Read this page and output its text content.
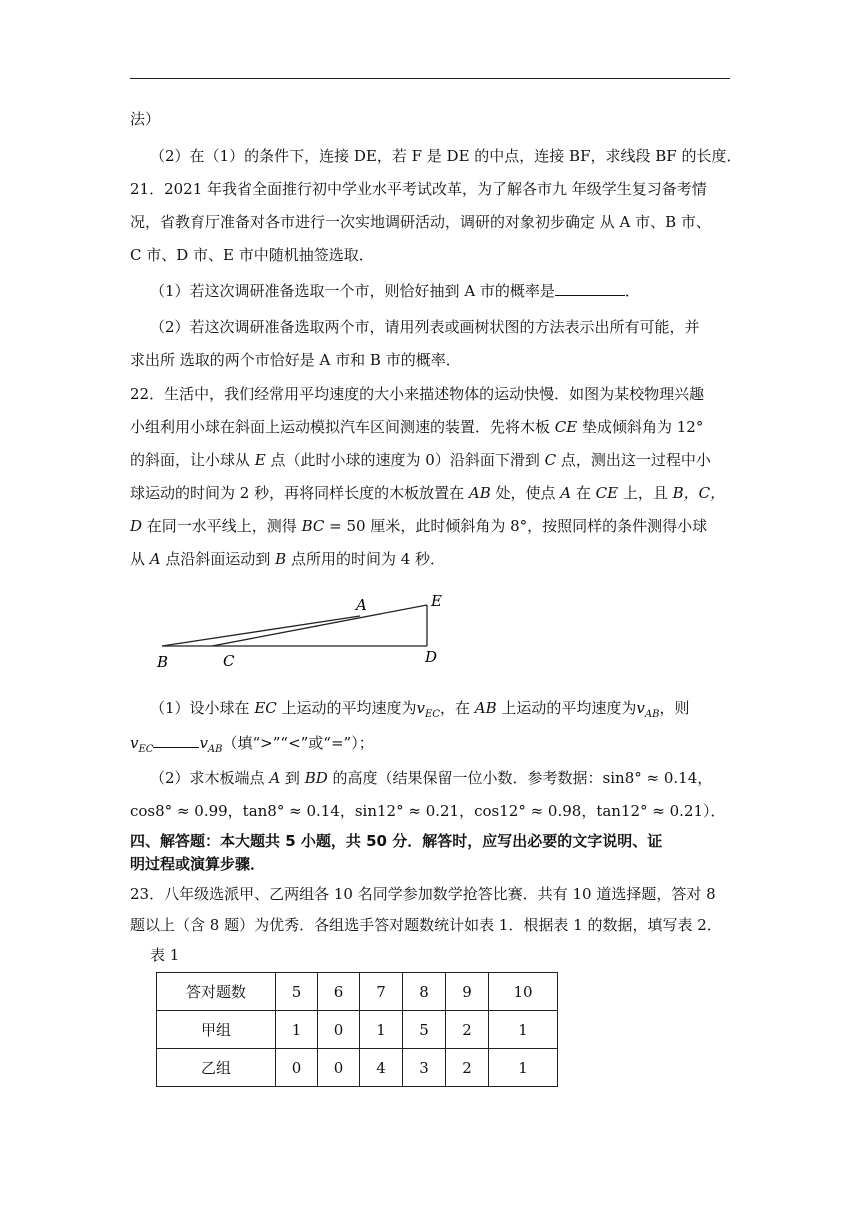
法）
（2）在（1）的条件下，连接 DE，若 F 是 DE 的中点，连接 BF，求线段 BF 的长度．
21．2021 年我省全面推行初中学业水平考试改革，为了解各市九 年级学生复习备考情
况，省教育厅准备对各市进行一次实地调研活动，调研的对象初步确定 从 A 市、B 市、
C 市、D 市、E 市中随机抽签选取．
（1）若这次调研准备选取一个市，则恰好抽到 A 市的概率是	．
（2）若这次调研准备选取两个市，请用列表或画树状图的方法表示出所有可能，并
求出所 选取的两个市恰好是 A 市和 B 市的概率．
22．生活中，我们经常用平均速度的大小来描述物体的运动快慢．如图为某校物理兴趣
小组利用小球在斜面上运动模拟汽车区间测速的装置．先将木板 CE 垫成倾斜角为 12°
的斜面，让小球从 E 点（此时小球的速度为 0）沿斜面下滑到 C 点，测出这一过程中小
球运动的时间为 2 秒，再将同样长度的木板放置在 AB 处，使点 A 在 CE 上，且 B，C，
D 在同一水平线上，测得 BC = 50 厘米，此时倾斜角为 8°，按照同样的条件测得小球
从 A 点沿斜面运动到 B 点所用的时间为 4 秒．
A	E
B	C	D
（1）设小球在 EC 上运动的平均速度为$v_{EC}$，在 AB 上运动的平均速度为$v_{AB}$，则
$v_{EC}$	$v_{AB}$（填“>”“<”或“=”）；
（2）求木板端点 A 到 BD 的高度（结果保留一位小数．参考数据：sin8° ≈ 0.14，
cos8° ≈ 0.99，tan8° ≈ 0.14，sin12° ≈ 0.21，cos12° ≈ 0.98，tan12° ≈ 0.21）．
四、解答题：本大题共 5 小题，共 50 分．解答时，应写出必要的文字说明、证
明过程或演算步骤．
23．八年级选派甲、乙两组各 10 名同学参加数学抢答比赛．共有 10 道选择题，答对 8
题以上（含 8 题）为优秀．各组选手答对题数统计如表 1．根据表 1 的数据，填写表 2．
表 1
答对题数	5	6	7	8	9	10
甲组	1	0	1	5	2	1
乙组	0	0	4	3	2	1
